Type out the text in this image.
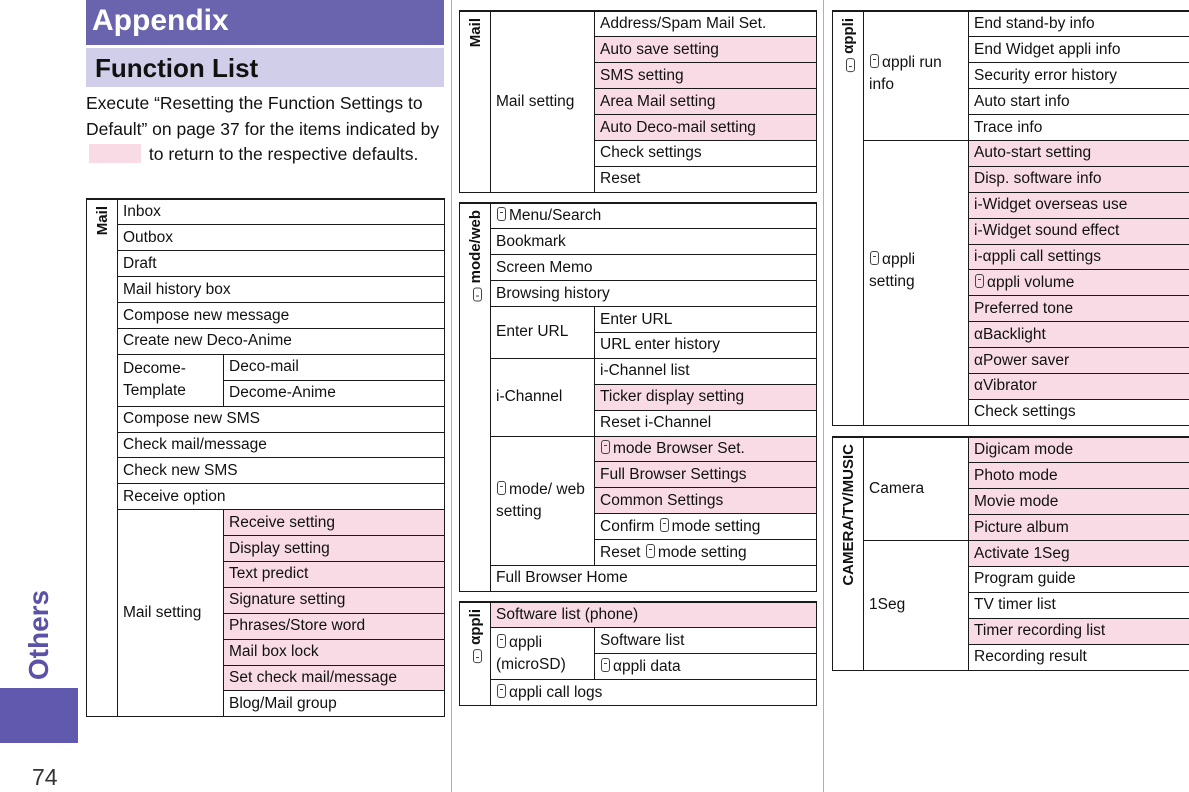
Others
74
Appendix
Function List
Execute “Resetting the Function Settings to Default” on page 37 for the items indicated by  to return to the respective defaults.
Mail	Inbox	
	Outbox	
	Draft	
	Mail history box	
	Compose new message	
	Create new Deco-Anime	
	Decome-Template	Deco-mail
		Decome-Anime
	Compose new SMS	
	Check mail/message	
	Check new SMS	
	Receive option	
	Mail setting	Receive setting
		Display setting
		Text predict
		Signature setting
		Phrases/Store word
		Mail box lock
		Set check mail/message
		Blog/Mail group
Mail
	Mail setting	Address/Spam Mail Set.
Auto save setting
SMS setting
Area Mail setting
Auto Deco-mail setting
Check settings
Reset
mode/web	Menu/Search	
	Bookmark	
	Screen Memo	
	Browsing history	
	Enter URL	Enter URL
		URL enter history
	i-Channel	i-Channel list
		Ticker display setting
		Reset i-Channel
	mode/ web setting	mode Browser Set.
		Full Browser Settings
		Common Settings
		Confirm mode setting
		Reset mode setting
	Full Browser Home	
αppli	Software list (phone)	
	αppli (microSD)	Software list
		αppli data
	αppli call logs	
αppli	αppli run info	End stand-by info
		End Widget appli info
		Security error history
		Auto start info
		Trace info
	αppli setting	Auto-start setting
		Disp. software info
		i-Widget overseas use
		i-Widget sound effect
		i-αppli call settings
		αppli volume
		Preferred tone
		αBacklight
		αPower saver
		αVibrator
		Check settings
CAMERA/TV/MUSIC	Camera	Digicam mode
		Photo mode
		Movie mode
		Picture album
	1Seg	Activate 1Seg
		Program guide
		TV timer list
		Timer recording list
		Recording result
